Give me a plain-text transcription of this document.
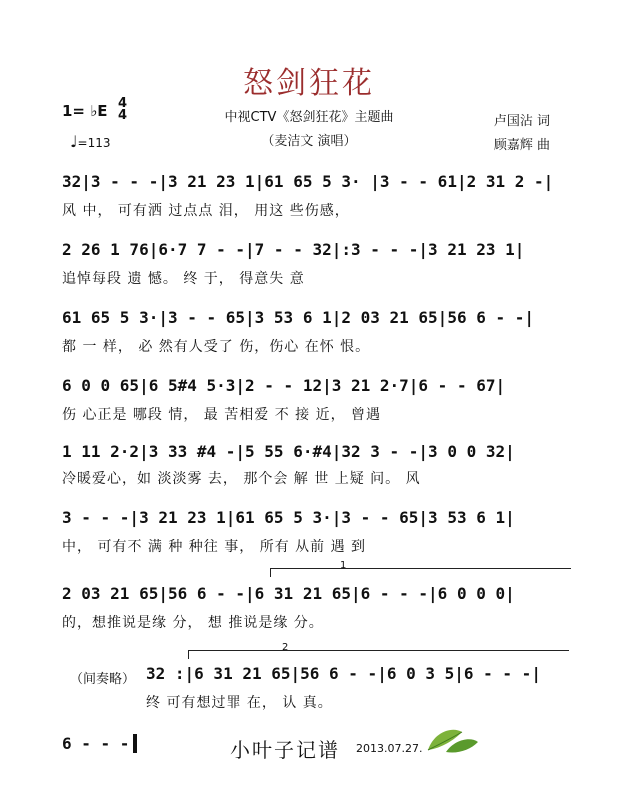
怒剑狂花
1= ♭E 4
4
♩=113
中视CTV《怒剑狂花》主题曲
（麦洁文 演唱）
卢国沾 词
顾嘉辉 曲
32|3 - - -|3 21 23 1|61 65 5 3· |3 - - 61|2 31 2 -|
风 中， 可有洒 过点点 泪， 用这 些伤感，
2 26 1 76|6·7 7 - -|7 - - 32|:3 - - -|3 21 23 1|
追悼每段 遗 憾。 终 于， 得意失 意
61 65 5 3·|3 - - 65|3 53 6 1|2 03 21 65|56 6 - -|
都 一 样， 必 然有人受了 伤，伤心 在怀 恨。
6 0 0 65|6 5#4 5·3|2 - - 12|3 21 2·7|6 - - 67|
伤 心正是 哪段 情， 最 苦相爱 不 接 近， 曾遇
1 11 2·2|3 33 #4 -|5 55 6·#4|32 3 - -|3 0 0 32|
冷暖爱心，如 淡淡雾 去， 那个会 解 世 上疑 问。 风
3 - - -|3 21 23 1|61 65 5 3·|3 - - 65|3 53 6 1|
中， 可有不 满 种 种往 事， 所有 从前 遇 到
1
2 03 21 65|56 6 - -|6 31 21 65|6 - - -|6 0 0 0|
的，想推说是缘 分， 想 推说是缘 分。
2
（间奏略） 32 :|6 31 21 65|56 6 - -|6 0 3 5|6 - - -|
终 可有想过罪 在， 认 真。
6 - - -	小叶子记谱 2013.07.27.
